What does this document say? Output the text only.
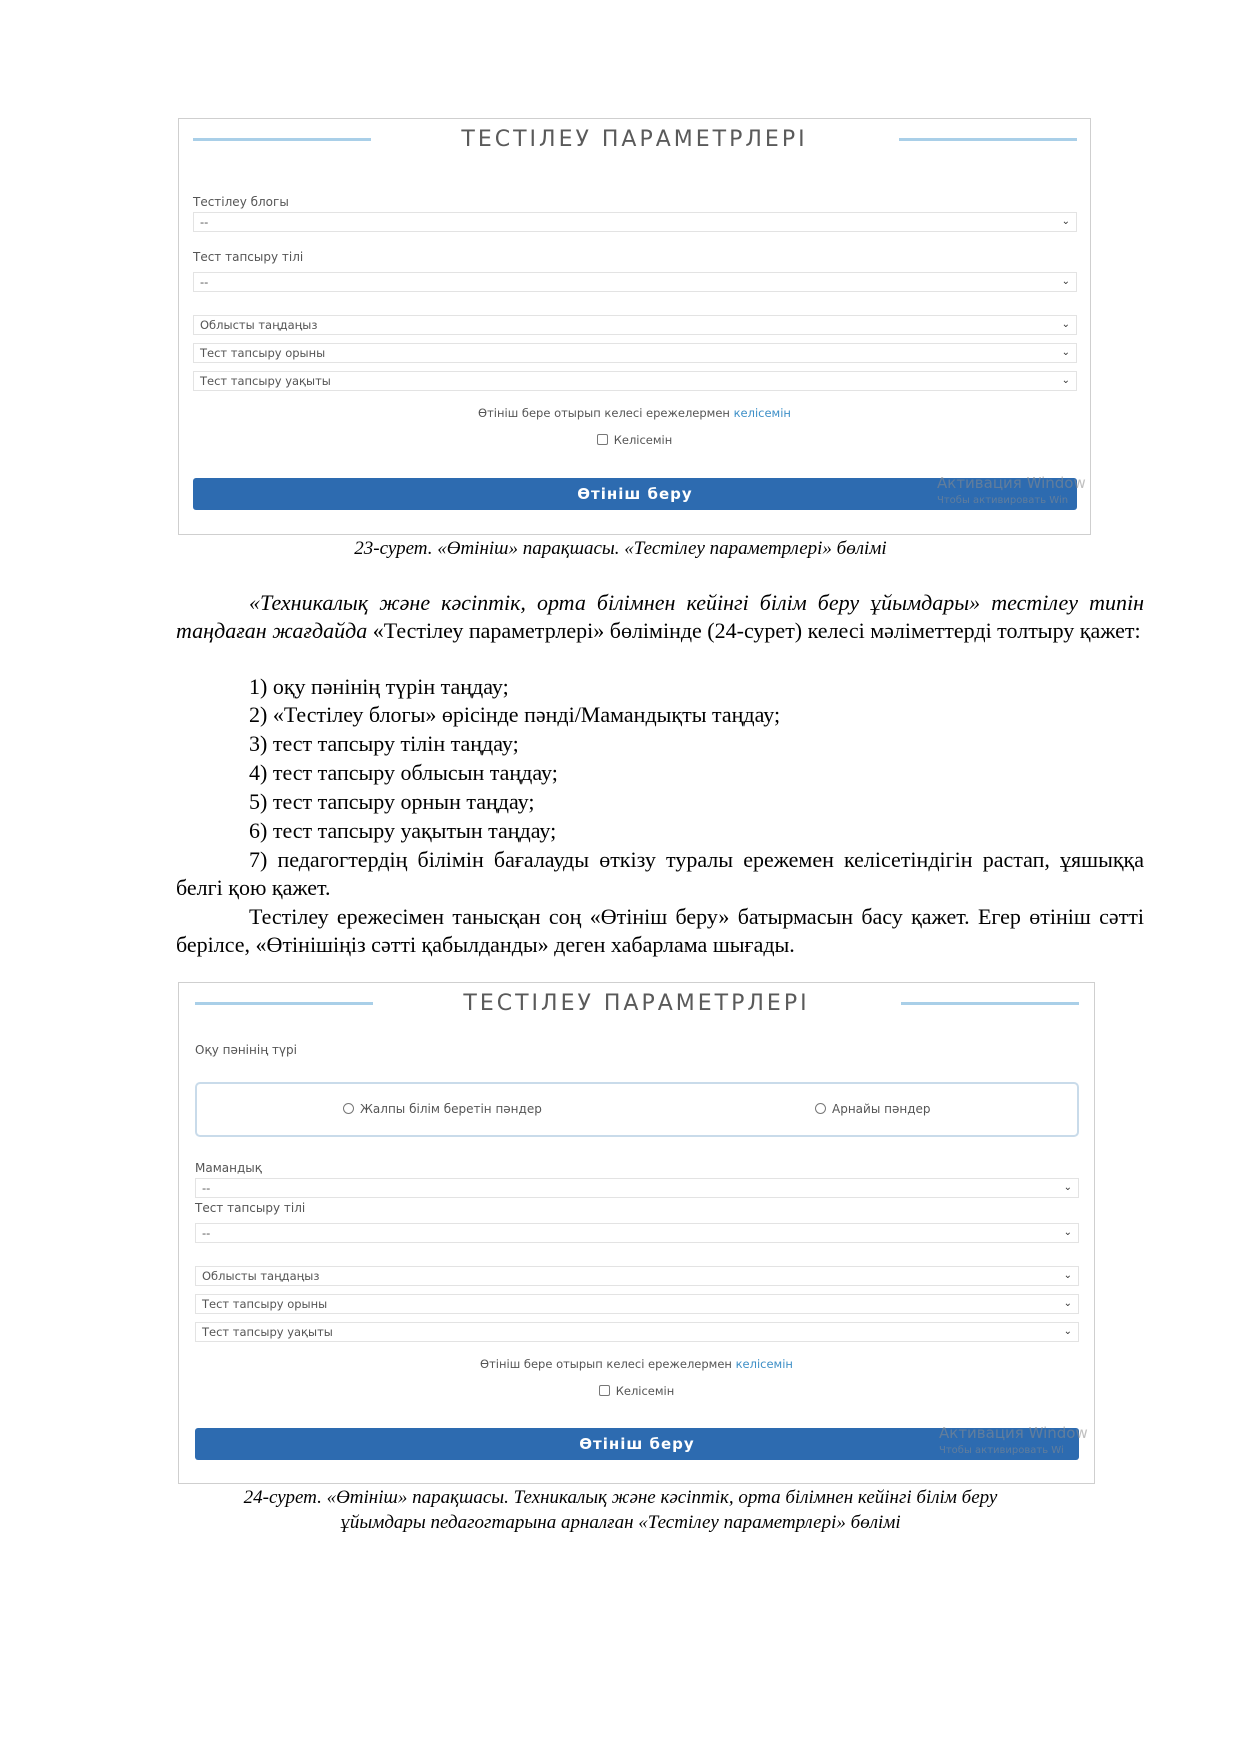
ТЕСТІЛЕУ ПАРАМЕТРЛЕРІ
Тестілеу блогы
--	⌄
Тест тапсыру тілі
--	⌄
Облысты таңдаңыз	⌄
Тест тапсыру орыны	⌄
Тест тапсыру уақыты	⌄
Өтініш бере отырып келесі ережелермен келісемін
Келісемін
Өтініш беру
Активация Window
Чтобы активировать Win
23-сурет. «Өтініш» парақшасы. «Тестілеу параметрлері» бөлімі
«Техникалық және кәсіптік, орта білімнен кейінгі білім беру ұйымдары» тестілеу типін таңдаған жағдайда «Тестілеу параметрлері» бөлімінде (24-сурет) келесі мәліметтерді толтыру қажет:
1) оқу пәнінің түрін таңдау;
2) «Тестілеу блогы» өрісінде пәнді/Мамандықты таңдау;
3) тест тапсыру тілін таңдау;
4) тест тапсыру облысын таңдау;
5) тест тапсыру орнын таңдау;
6) тест тапсыру уақытын таңдау;
7) педагогтердің білімін бағалауды өткізу туралы ережемен келісетіндігін растап, ұяшыққа белгі қою қажет.
Тестілеу ережесімен танысқан соң «Өтініш беру» батырмасын басу қажет. Егер өтініш сәтті берілсе, «Өтінішіңіз сәтті қабылданды» деген хабарлама шығады.
ТЕСТІЛЕУ ПАРАМЕТРЛЕРІ
Оқу пәнінің түрі
Жалпы білім беретін пәндер	Арнайы пәндер
Мамандық
--	⌄
Тест тапсыру тілі
--	⌄
Облысты таңдаңыз	⌄
Тест тапсыру орыны	⌄
Тест тапсыру уақыты	⌄
Өтініш бере отырып келесі ережелермен келісемін
Келісемін
Өтініш беру
Активация Window
Чтобы активировать Wi
24-сурет. «Өтініш» парақшасы. Техникалық және кәсіптік, орта білімнен кейінгі білім беру
ұйымдары педагогтарына арналған «Тестілеу параметрлері» бөлімі
